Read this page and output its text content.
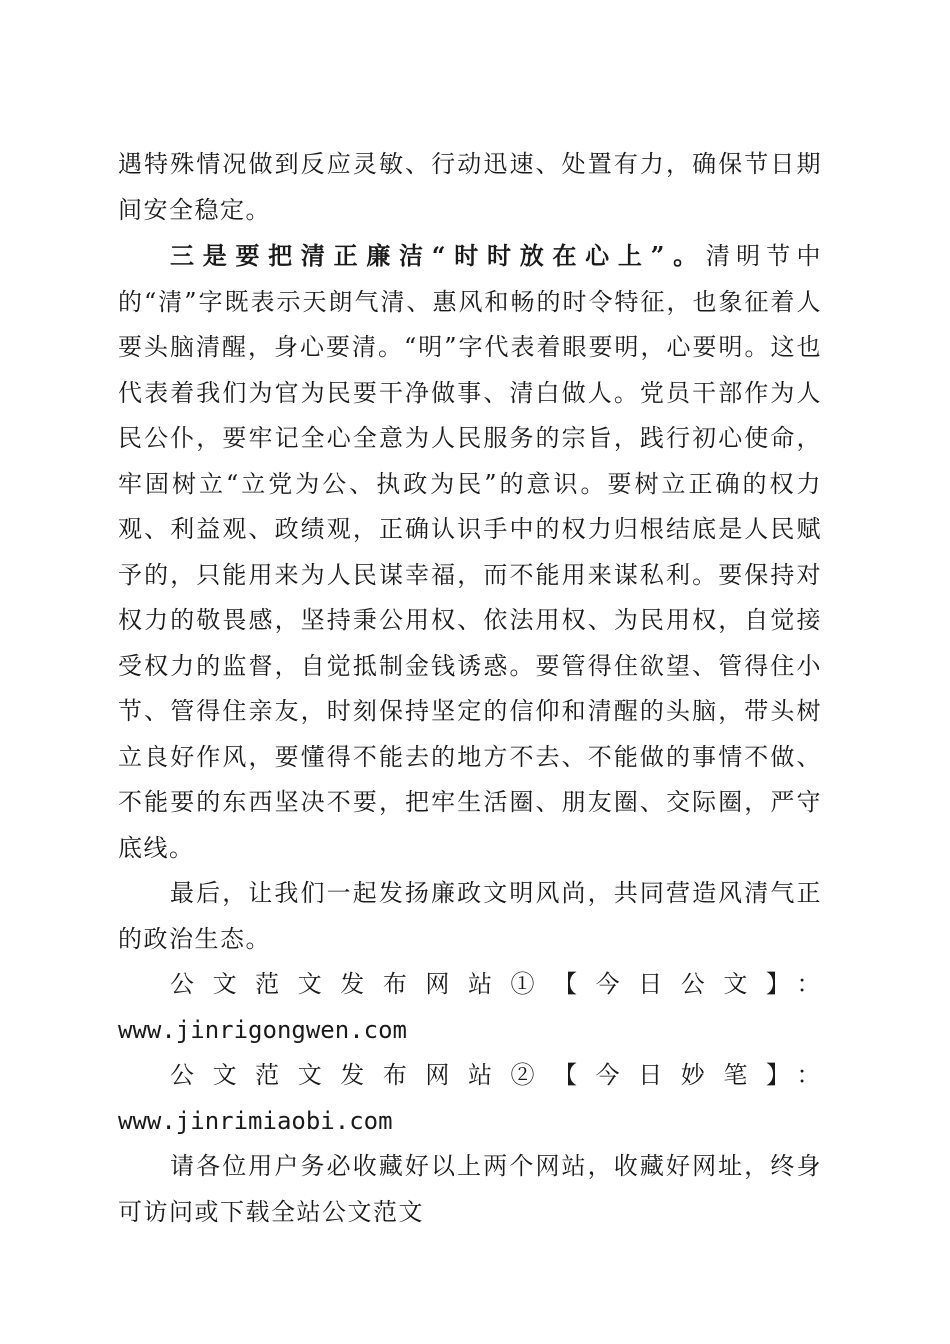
遇特殊情况做到反应灵敏、行动迅速、处置有力，确保节日期间安全稳定。

三是要把清正廉洁“时时放在心上”。清明节中的“清”字既表示天朗气清、惠风和畅的时令特征，也象征着人要头脑清醒，身心要清。“明”字代表着眼要明，心要明。这也代表着我们为官为民要干净做事、清白做人。党员干部作为人民公仆，要牢记全心全意为人民服务的宗旨，践行初心使命，牢固树立“立党为公、执政为民”的意识。要树立正确的权力观、利益观、政绩观，正确认识手中的权力归根结底是人民赋予的，只能用来为人民谋幸福，而不能用来谋私利。要保持对权力的敬畏感，坚持秉公用权、依法用权、为民用权，自觉接受权力的监督，自觉抵制金钱诱惑。要管得住欲望、管得住小节、管得住亲友，时刻保持坚定的信仰和清醒的头脑，带头树立良好作风，要懂得不能去的地方不去、不能做的事情不做、不能要的东西坚决不要，把牢生活圈、朋友圈、交际圈，严守底线。

最后，让我们一起发扬廉政文明风尚，共同营造风清气正的政治生态。

公文范文发布网站①【今日公文】：

www.jinrigongwen.com

公文范文发布网站②【今日妙笔】：www.jinrimiaobi.com

请各位用户务必收藏好以上两个网站，收藏好网址，终身可访问或下载全站公文范文
